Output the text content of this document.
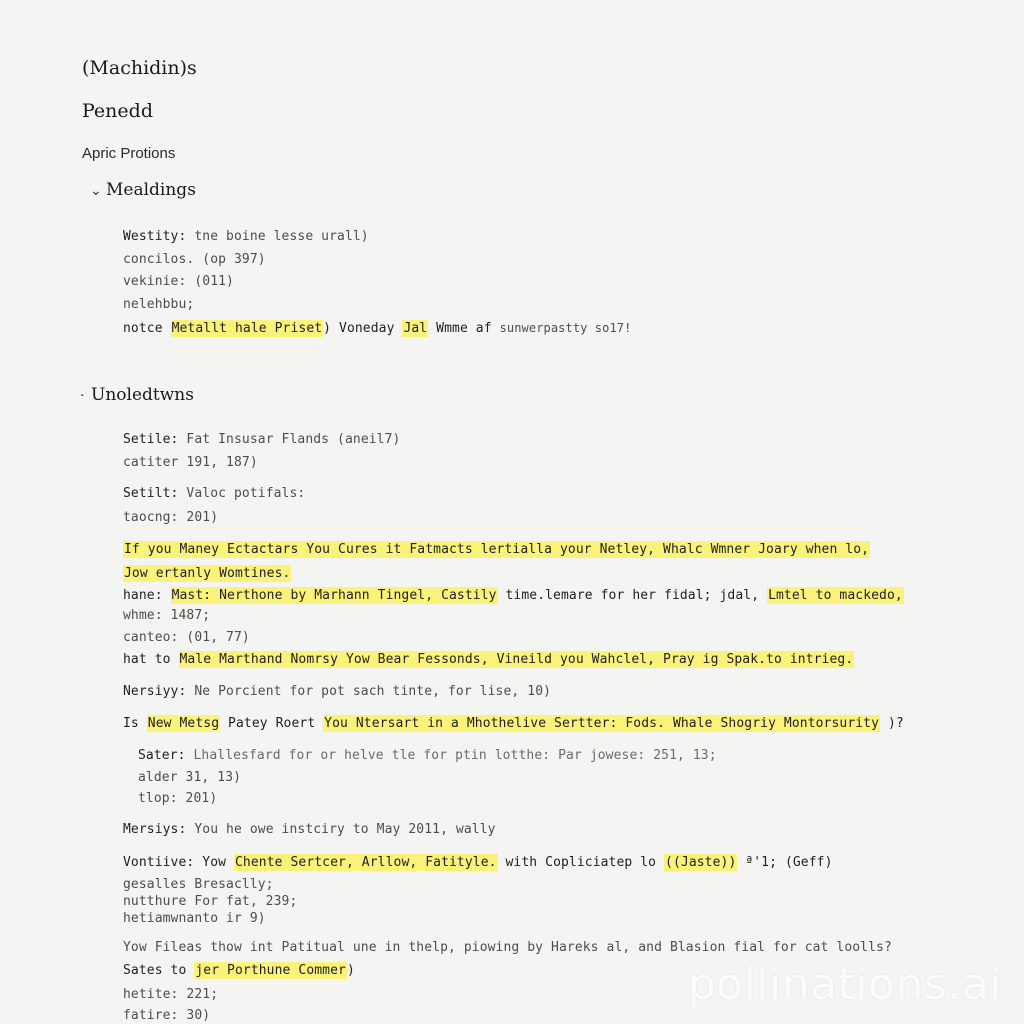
(Machidin)s
Penedd
Apric Protions
⌄ Mealdings
Westity: tne boine lesse urall)
concilos. (op 397)
vekinie: (011)
nelehbbu;
notce Metallt hale Priset) Voneday Jal Wmme af sunwerpastty so17!
· Unoledtwns
Setile: Fat Insusar Flands (aneil7)
catiter 191, 187)
Setilt: Valoc potifals:
taocng: 201)
If you Maney Ectactars You Cures it Fatmacts lertialla your Netley, Whalc Wmner Joary when lo,
Jow ertanly Womtines.
hane: Mast: Nerthone by Marhann Tingel, Castily time.lemare for her fidal; jdal, Lmtel to mackedo,
whme: 1487;
canteo: (01, 77)
hat to Male Marthand Nomrsy Yow Bear Fessonds, Vineild you Wahclel, Pray ig Spak.to intrieg.
Nersiyy: Ne Porcient for pot sach tinte, for lise, 10)
Is New Metsg Patey Roert You Ntersart in a Mhothelive Sertter: Fods. Whale Shogriy Montorsurity )?
Sater: Lhallesfard for or helve tle for ptin lotthe: Par jowese: 251, 13;
alder 31, 13)
tlop: 201)
Mersiys: You he owe instciry to May 2011, wally
Vontiive: Yow Chente Sertcer, Arllow, Fatityle. with Copliciatep lo ((Jaste)) ª'1; (Geff)
gesalles Bresaclly;
nutthure For fat, 239;
hetiamwnanto ir 9)
Yow Fileas thow int Patitual une in thelp, piowing by Hareks al, and Blasion fial for cat loolls?
Sates to jer Porthune Commer)
hetite: 221;
fatire: 30)
pollinations.ai
